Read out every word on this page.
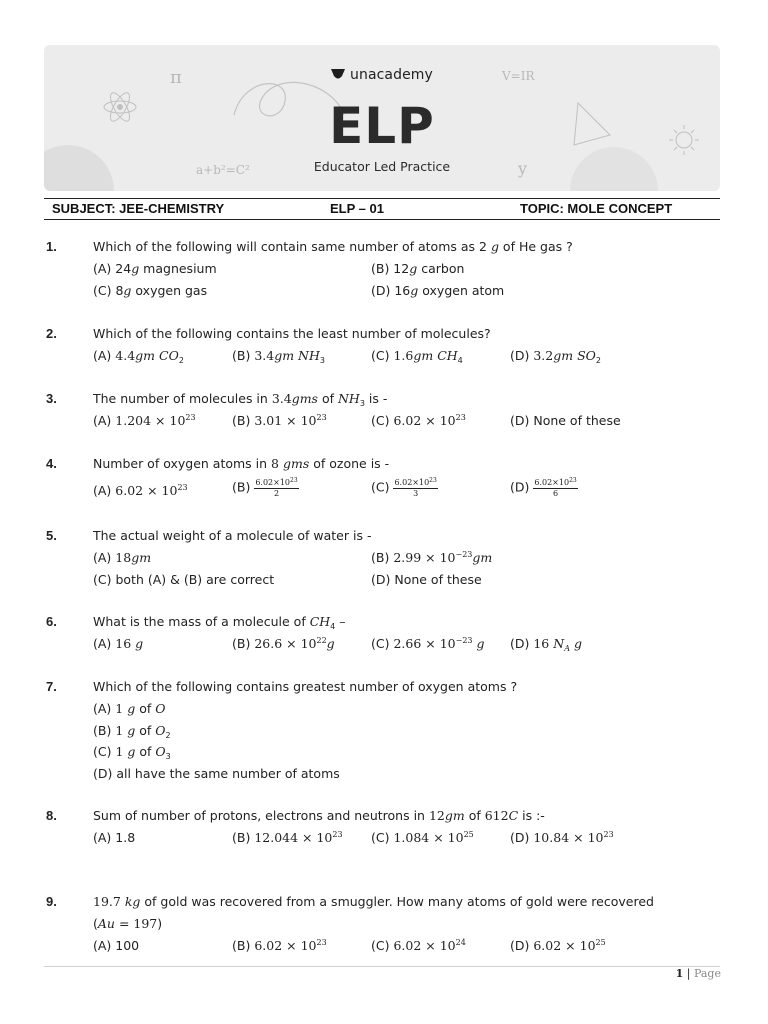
π	V=IR
a+b²=C²	y
unacademy
ELP
Educator Led Practice
SUBJECT: JEE-CHEMISTRY	ELP – 01	TOPIC: MOLE CONCEPT
1.	Which of the following will contain same number of atoms as 2 g of He gas ?
(A) 24g magnesium	(B) 12g carbon
(C) 8g oxygen gas	(D) 16g oxygen atom
2.	Which of the following contains the least number of molecules?
(A) 4.4gm $CO_2$	(B) 3.4gm $NH_3$	(C) 1.6gm $CH_4$	(D) 3.2gm $SO_2$
3.	The number of molecules in 3.4gms of $NH_3$ is -
(A) $1.204 \times 10^{23}$	(B) $3.01 \times 10^{23}$	(C) $6.02 \times 10^{23}$	(D) None of these
4.	Number of oxygen atoms in 8 gms of ozone is -
(A) $6.02 \times 10^{23}$	$(B) \frac{6.02\times 10^{23}}{2}$	$(C) \frac{6.02\times 10^{23}}{3}$	$(D) \frac{6.02\times 10^{23}}{6}$
5.	The actual weight of a molecule of water is -
(A) 18gm	(B) $2.99 \times 10^{-23}gm$
(C) both (A) & (B) are correct	(D) None of these
6.	What is the mass of a molecule of $CH_4$ –
(A) 16 g	(B) $26.6 \times 10^{22}g$	(C) $2.66 \times 10^{-23}$ g (D) 16 $N_A$ g
7.	Which of the following contains greatest number of oxygen atoms ?
(A) 1 g of O
(B) 1 g of $O_2$
(C) 1 g of $O_3$
(D) all have the same number of atoms
8.	Sum of number of protons, electrons and neutrons in 12gm of 612C is :-
(A) 1.8	(B) $12.044 \times 10^{23}$ (C) $1.084 \times 10^{25}$	(D) $10.84 \times 10^{23}$
9.	19.7 kg of gold was recovered from a smuggler. How many atoms of gold were recovered
(Au = 197)
(A) 100	(B) $6.02 \times 10^{23}$	(C) $6.02 \times 10^{24}$	(D) $6.02 \times 10^{25}$
1 | Page
